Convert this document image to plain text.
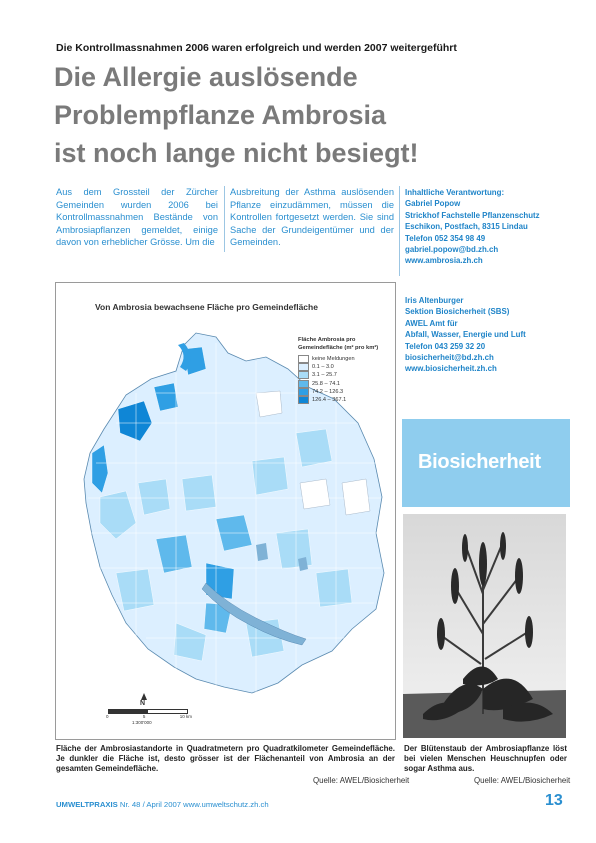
Die Kontrollmassnahmen 2006 waren erfolgreich und werden 2007 weitergeführt
Die Allergie auslösende
Problempflanze Ambrosia
ist noch lange nicht besiegt!
Aus dem Grossteil der Zürcher Gemeinden wurden 2006 bei Kontrollmassnahmen Bestände von Ambrosiapflanzen gemeldet, einige davon von erheblicher Grösse. Um die
Ausbreitung der Asthma auslösenden Pflanze einzudämmen, müssen die Kontrollen fortgesetzt werden. Sie sind Sache der Grundeigentümer und der Gemeinden.
Inhaltliche Verantwortung:
Gabriel Popow
Strickhof Fachstelle Pflanzenschutz
Eschikon, Postfach, 8315 Lindau
Telefon 052 354 98 49
gabriel.popow@bd.zh.ch
www.ambrosia.zh.ch
Iris Altenburger
Sektion Biosicherheit (SBS)
AWEL Amt für
Abfall, Wasser, Energie und Luft
Telefon 043 259 32 20
biosicherheit@bd.zh.ch
www.biosicherheit.zh.ch
Biosicherheit
Von Ambrosia bewachsene Fläche pro Gemeindefläche
Fläche Ambrosia pro
Gemeindefläche (m² pro km²)
keine Meldungen
0.1 – 3.0
3.1 – 25.7
25.8 – 74.1
74.2 – 126.3
126.4 – 367.1
N
0	5	10 km
1:300'000
Fläche der Ambrosiastandorte in Quadratmetern pro Quadratkilometer Gemeindefläche. Je dunkler die Fläche ist, desto grösser ist der Flächenanteil von Ambrosia an der gesamten Gemeindefläche.
Quelle: AWEL/Biosicherheit
Der Blütenstaub der Ambrosiapflanze löst bei vielen Menschen Heuschnupfen oder sogar Asthma aus.
Quelle: AWEL/Biosicherheit
UMWELTPRAXIS Nr. 48 / April 2007 www.umweltschutz.zh.ch	13
